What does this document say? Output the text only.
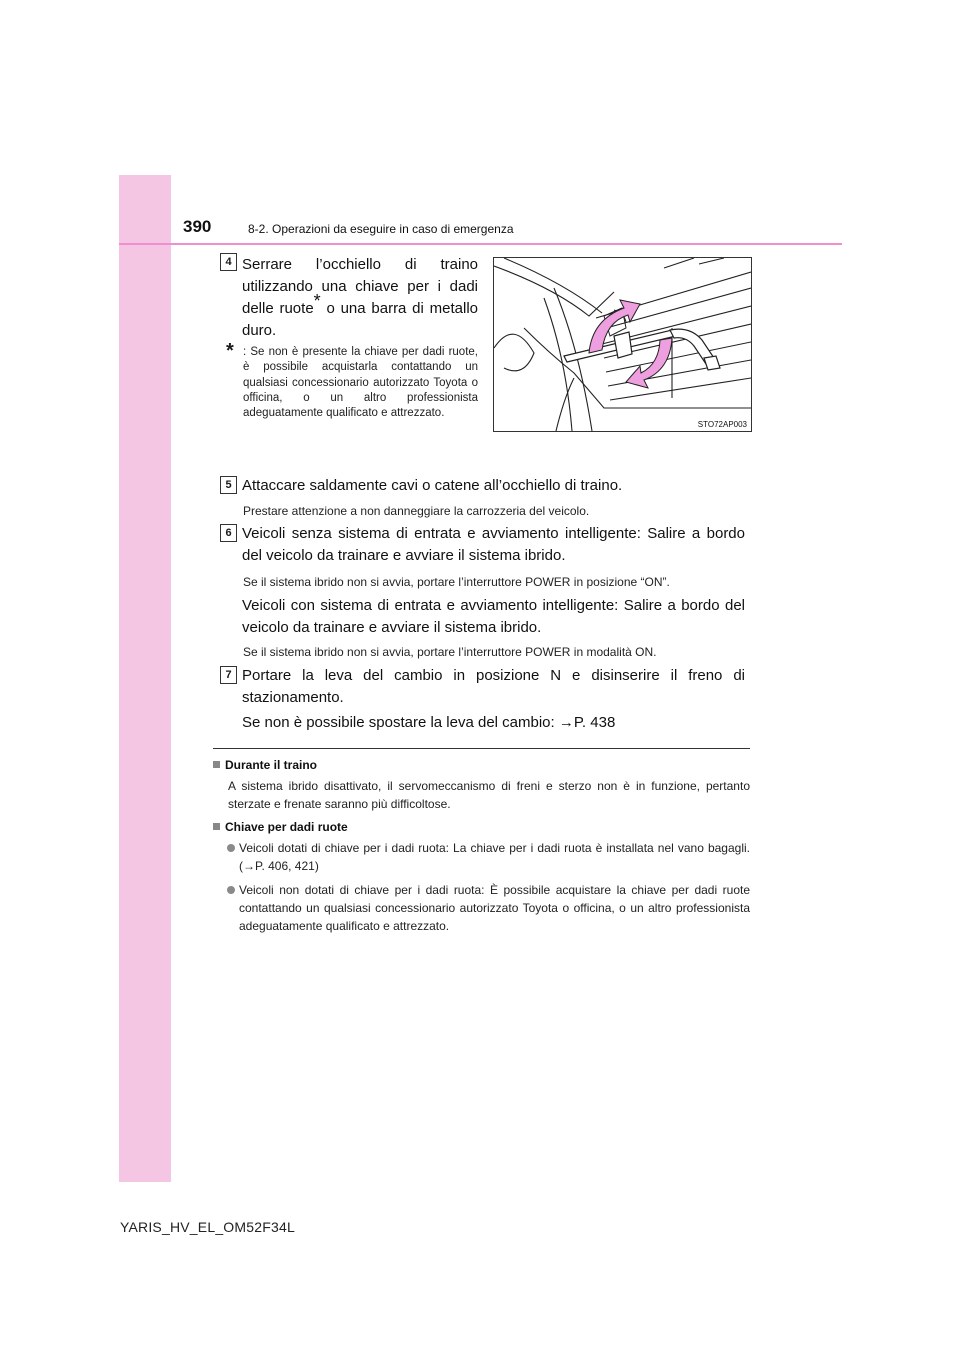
390	8-2. Operazioni da eseguire in caso di emergenza
4 Serrare l’occhiello di traino
utilizzando una chiave per i dadi
delle ruote* o una barra di metallo
duro.
* : Se non è presente la chiave per dadi ruote, è possibile acquistarla contattando un qualsiasi concessionario autorizzato Toyota o officina, o un altro professionista adeguatamente qualificato e attrezzato.
STO72AP003
5 Attaccare saldamente cavi o catene all’occhiello di traino.
Prestare attenzione a non danneggiare la carrozzeria del veicolo.
6 Veicoli senza sistema di entrata e avviamento intelligente: Salire a bordo
del veicolo da trainare e avviare il sistema ibrido.
Se il sistema ibrido non si avvia, portare l’interruttore POWER in posizione “ON”.
Veicoli con sistema di entrata e avviamento intelligente: Salire a bordo del
veicolo da trainare e avviare il sistema ibrido.
Se il sistema ibrido non si avvia, portare l’interruttore POWER in modalità ON.
7 Portare la leva del cambio in posizione N e disinserire il freno di
stazionamento.
Se non è possibile spostare la leva del cambio: →P. 438
Durante il traino
A sistema ibrido disattivato, il servomeccanismo di freni e sterzo non è in funzione, pertanto sterzate e frenate saranno più difficoltose.
Chiave per dadi ruote
Veicoli dotati di chiave per i dadi ruota: La chiave per i dadi ruota è installata nel vano bagagli. (→P. 406, 421)
Veicoli non dotati di chiave per i dadi ruota: È possibile acquistare la chiave per dadi ruote contattando un qualsiasi concessionario autorizzato Toyota o officina, o un altro professionista adeguatamente qualificato e attrezzato.
YARIS_HV_EL_OM52F34L
